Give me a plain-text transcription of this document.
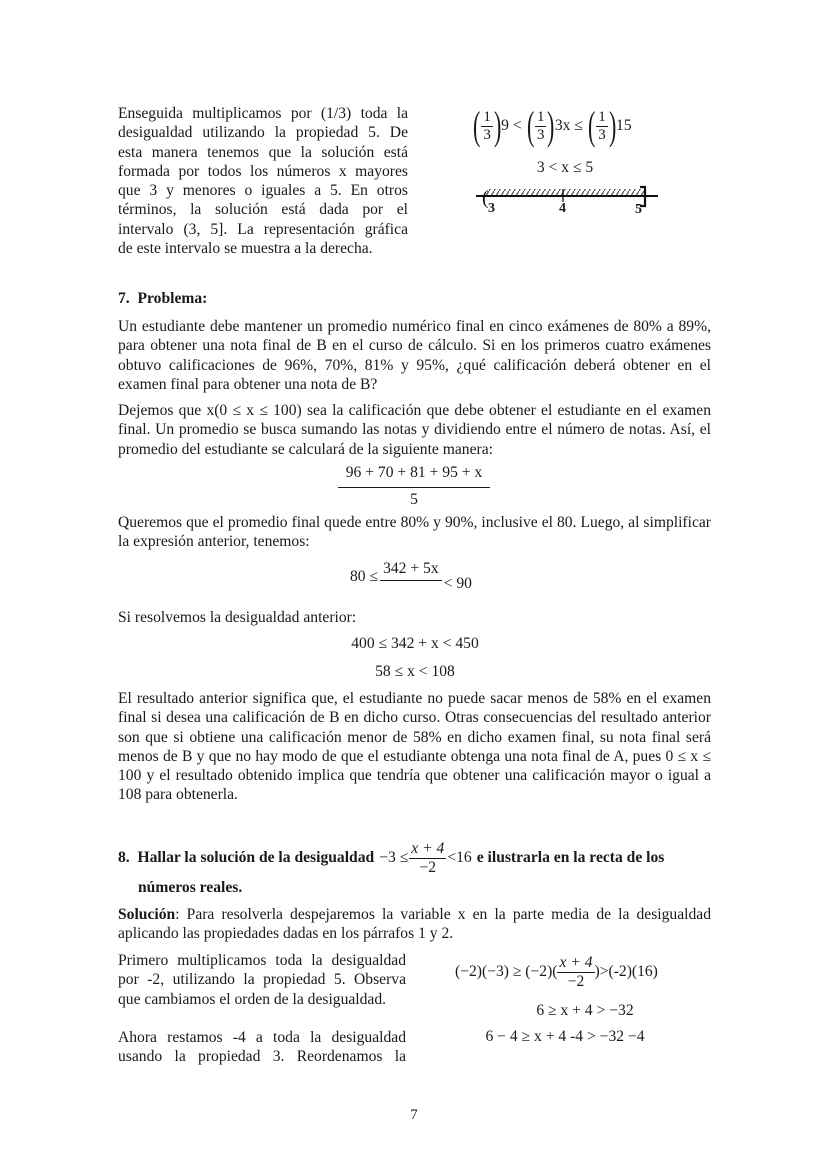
Enseguida multiplicamos por (1/3) toda la
desigualdad utilizando la propiedad 5. De
esta manera tenemos que la solución está
formada por todos los números x mayores
que 3 y menores o iguales a 5. En otros
términos, la solución está dada por el
intervalo (3, 5]. La representación gráfica
de este intervalo se muestra a la derecha.
( $\frac{1}{3}$ ) 9 < ( $\frac{1}{3}$ ) 3x ≤ ( $\frac{1}{3}$ ) 15
3 < x ≤ 5
( 3	4	5
7.  Problema:

Un estudiante debe mantener un promedio numérico final en cinco exámenes de 80% a 89%, para obtener una nota final de B en el curso de cálculo. Si en los primeros cuatro exámenes obtuvo calificaciones de 96%, 70%, 81% y 95%, ¿qué calificación deberá obtener en el examen final para obtener una nota de B?

Dejemos que x(0 ≤ x ≤ 100) sea la calificación que debe obtener el estudiante en el examen final. Un promedio se busca sumando las notas y dividiendo entre el número de notas. Así, el promedio del estudiante se calculará de la siguiente manera:

96 + 70 + 81 + 95 + x
5

Queremos que el promedio final quede entre 80% y 90%, inclusive el 80. Luego, al simplificar la expresión anterior, tenemos:

80 ≤ 342 + 5x
< 90

Si resolvemos la desigualdad anterior:

400 ≤ 342 + x < 450
58 ≤ x < 108

El resultado anterior significa que, el estudiante no puede sacar menos de 58% en el examen final si desea una calificación de B en dicho curso. Otras consecuencias del resultado anterior son que si obtiene una calificación menor de 58% en dicho examen final, su nota final será menos de B y que no hay modo de que el estudiante obtenga una nota final de A, pues 0 ≤ x ≤ 100 y el resultado obtenido implica que tendría que obtener una calificación mayor o igual a 108 para obtenerla.

8.  Hallar la solución de la desigualdad $-3 \le \frac{x + 4}{-2} <16$ e ilustrarla en la recta de los
números reales.

Solución: Para resolverla despejaremos la variable x en la parte media de la desigualdad aplicando las propiedades dadas en los párrafos 1 y 2.

Primero multiplicamos toda la desigualdad
por -2, utilizando la propiedad 5. Observa
que cambiamos el orden de la desigualdad.
$(-2)(-3) \ge (-2)( \frac{x + 4}{-2} )>(-2)(16)$
6 ≥ x + 4 > −32
Ahora restamos -4 a toda la desigualdad
usando la propiedad 3. Reordenamos la
6 − 4 ≥ x + 4 -4 > −32 −4
7
